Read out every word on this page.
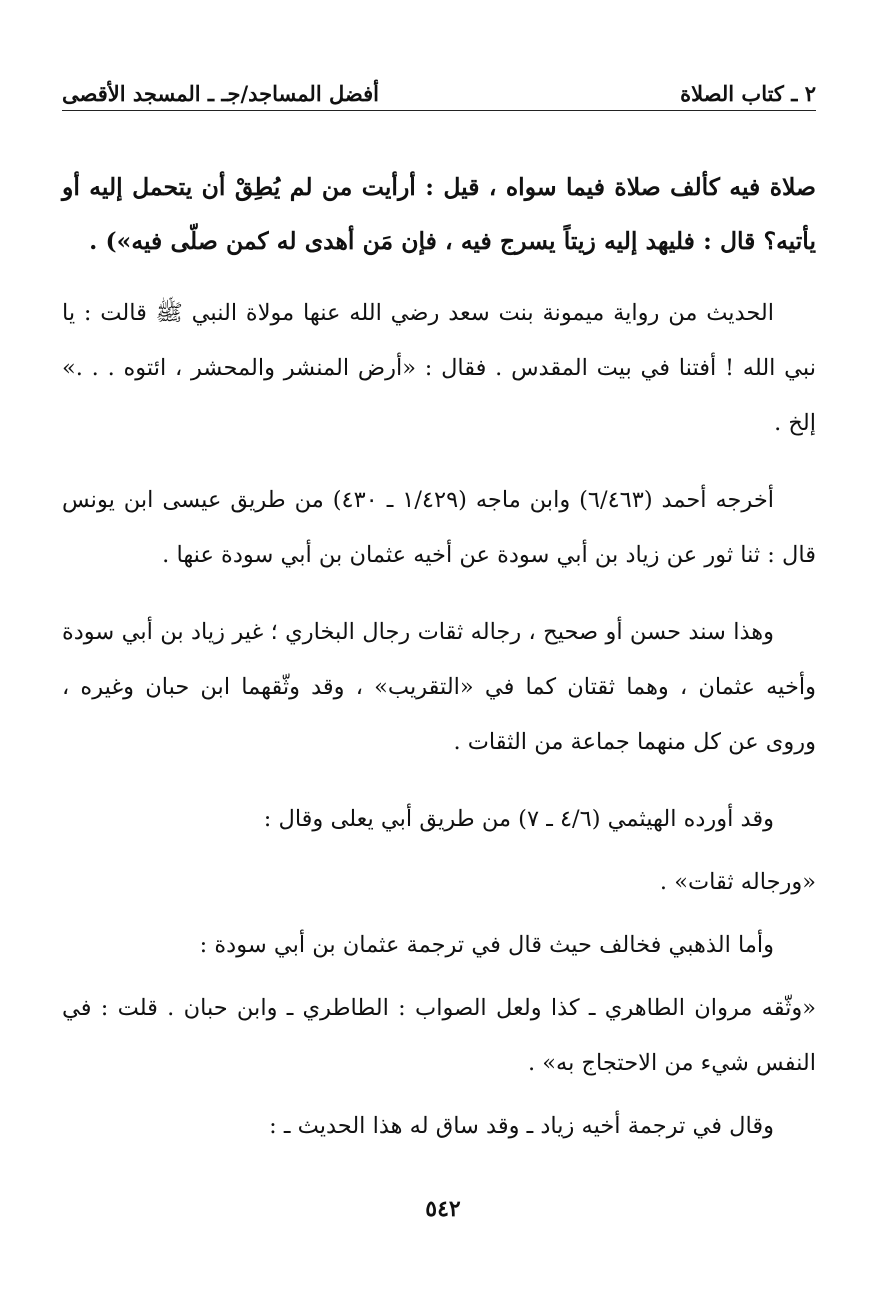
٢ ـ كتاب الصلاة
أفضل المساجد/جـ ـ المسجد الأقصى

صلاة فيه كألف صلاة فيما سواه ، قيل : أرأيت من لم يُطِقْ أن يتحمل إليه أو يأتيه؟ قال : فليهد إليه زيتاً يسرج فيه ، فإن مَن أهدى له كمن صلّى فيه») .

الحديث من رواية ميمونة بنت سعد رضي الله عنها مولاة النبي ﷺ قالت : يا نبي الله ! أفتنا في بيت المقدس . فقال : «أرض المنشر والمحشر ، ائتوه . . .» إلخ .

أخرجه أحمد (٦/٤٦٣) وابن ماجه (١/٤٢٩ ـ ٤٣٠) من طريق عيسى ابن يونس قال : ثنا ثور عن زياد بن أبي سودة عن أخيه عثمان بن أبي سودة عنها .

وهذا سند حسن أو صحيح ، رجاله ثقات رجال البخاري ؛ غير زياد بن أبي سودة وأخيه عثمان ، وهما ثقتان كما في «التقريب» ، وقد وثّقهما ابن حبان وغيره ، وروى عن كل منهما جماعة من الثقات .

وقد أورده الهيثمي (٤/٦ ـ ٧) من طريق أبي يعلى وقال :

«ورجاله ثقات» .

وأما الذهبي فخالف حيث قال في ترجمة عثمان بن أبي سودة :

«وثّقه مروان الطاهري ـ كذا ولعل الصواب : الطاطري ـ وابن حبان . قلت : في النفس شيء من الاحتجاج به» .

وقال في ترجمة أخيه زياد ـ وقد ساق له هذا الحديث ـ :

٥٤٢
